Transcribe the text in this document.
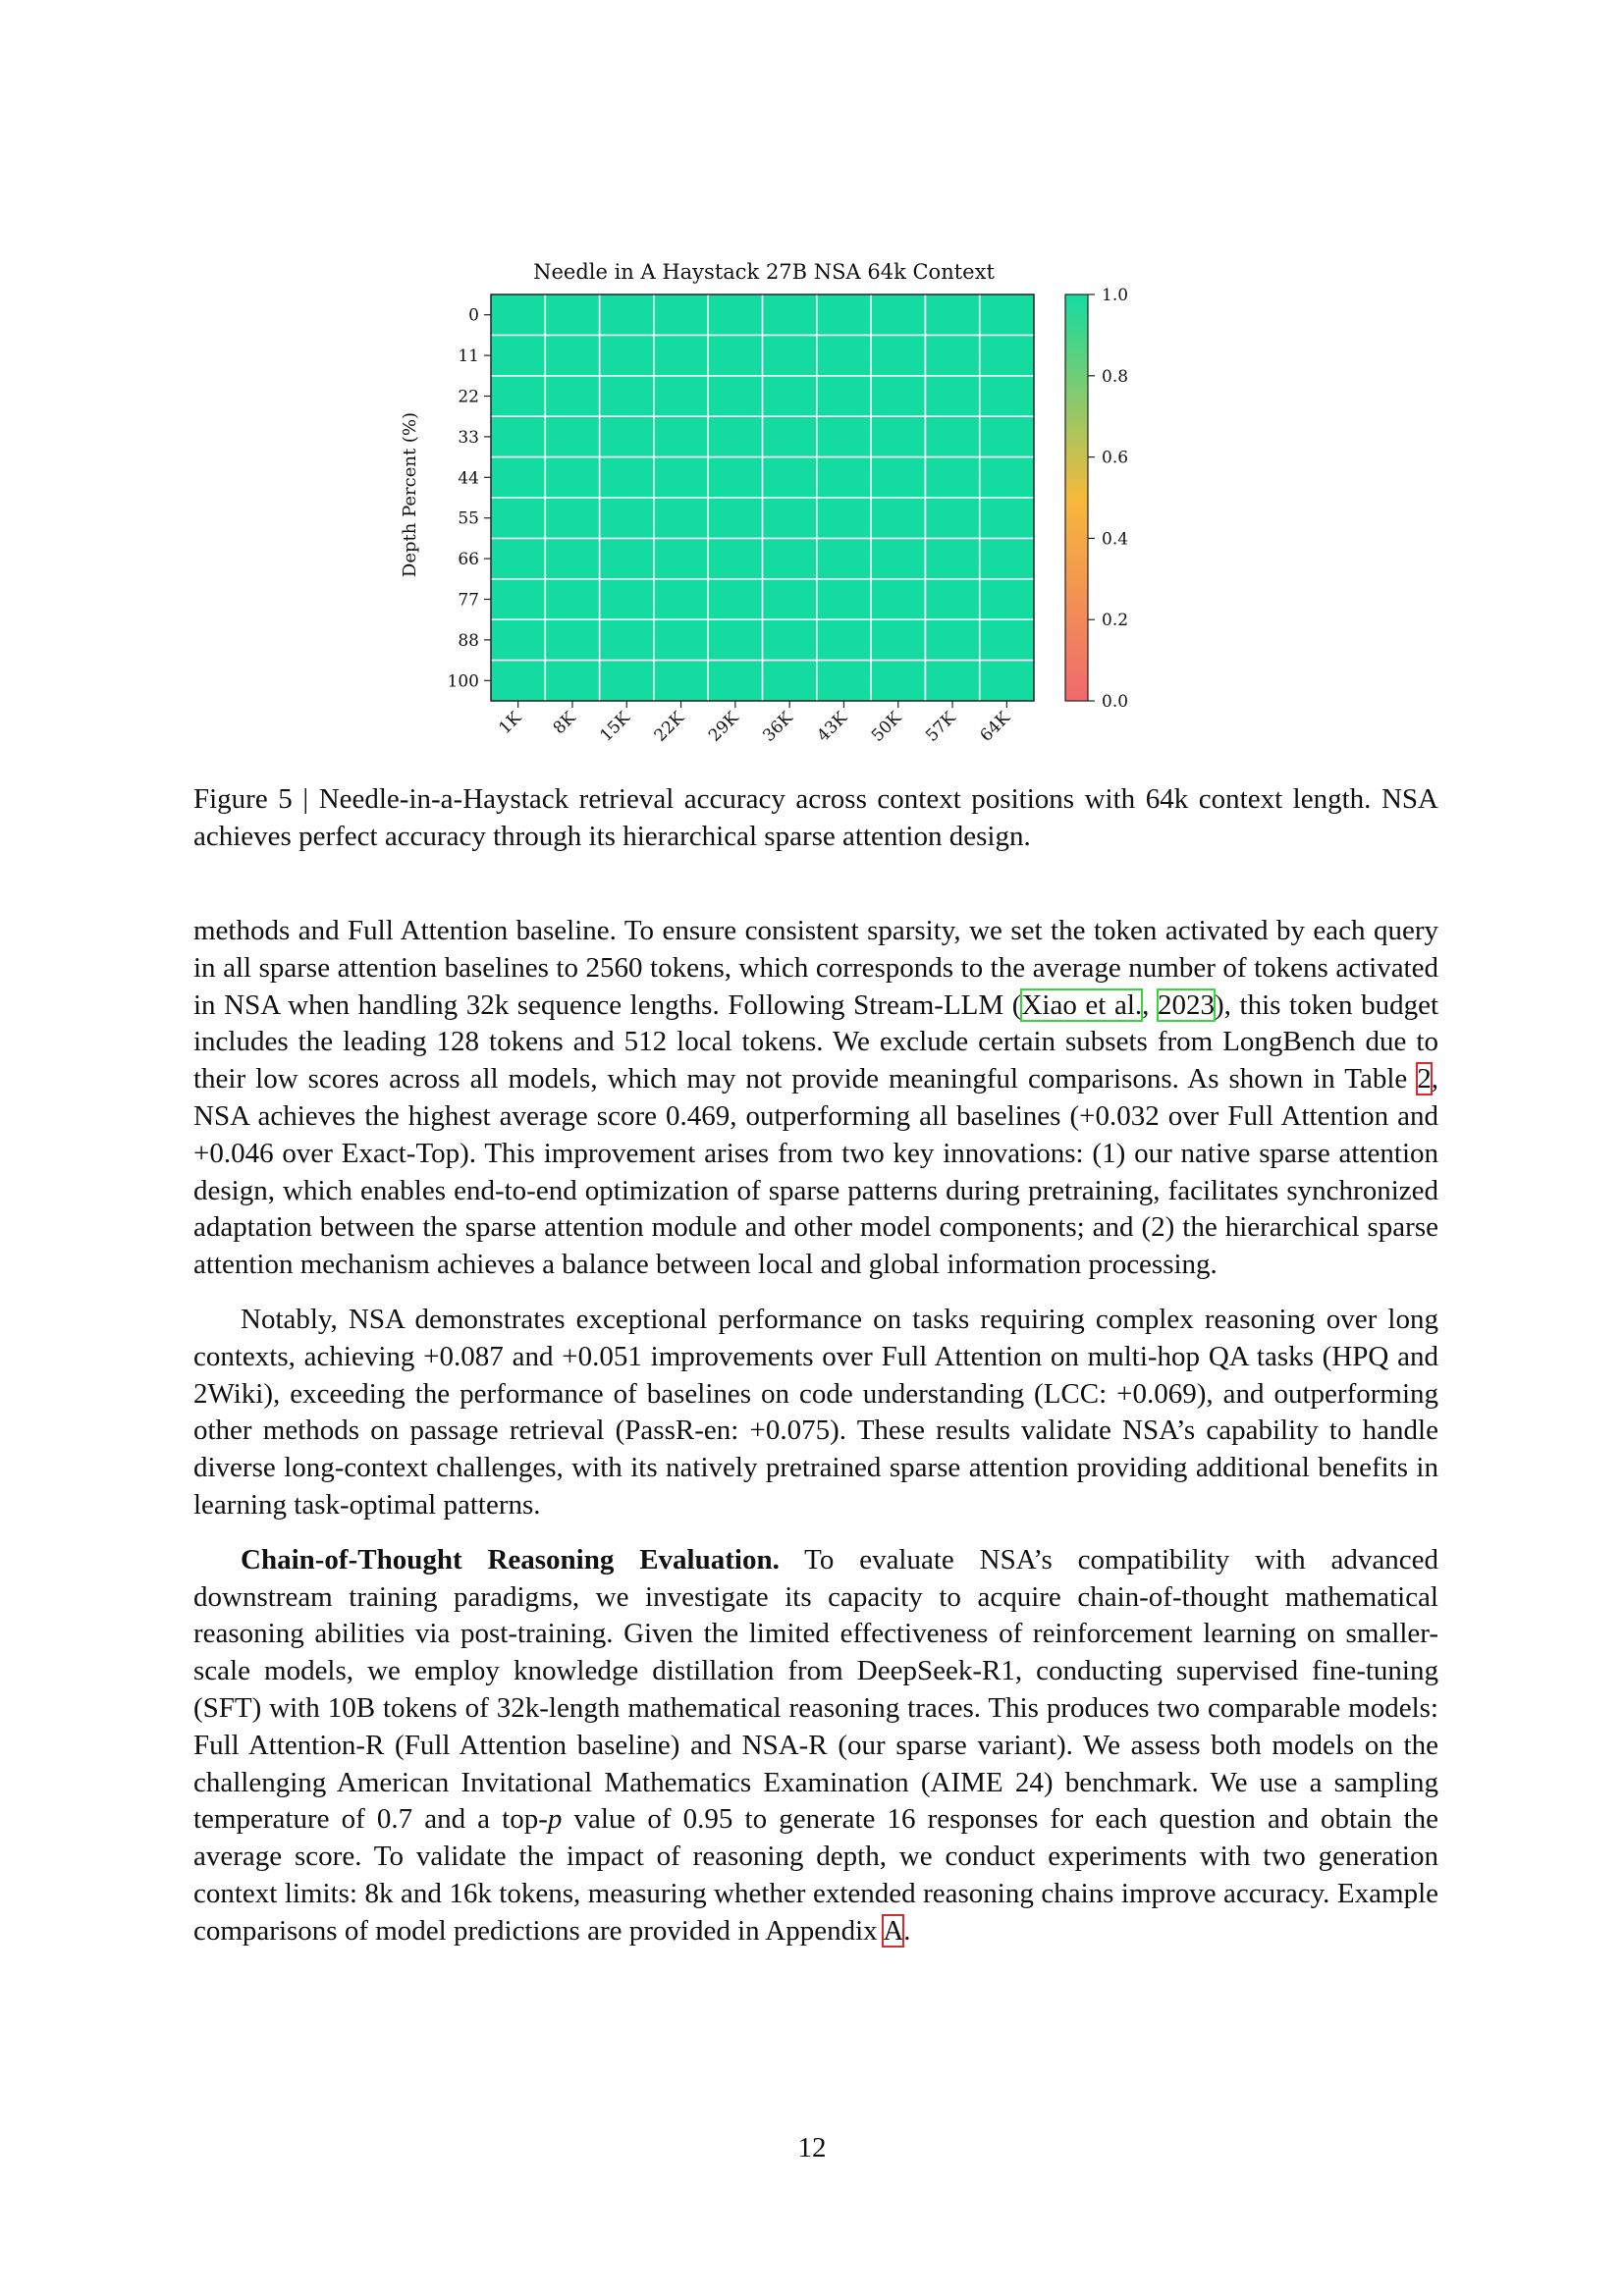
Needle in A Haystack 27B NSA 64k Context
Depth Percent (%)
0
11
22
33
44
55
66
77
88
100
1K 8K 15K 22K 29K 36K 43K 50K 57K 64K
0.0
0.2
0.4
0.6
0.8
1.0

Figure 5 | Needle-in-a-Haystack retrieval accuracy across context positions with 64k context length. NSA achieves perfect accuracy through its hierarchical sparse attention design.

methods and Full Attention baseline. To ensure consistent sparsity, we set the token activated by each query in all sparse attention baselines to 2560 tokens, which corresponds to the average number of tokens activated in NSA when handling 32k sequence lengths. Following Stream-LLM (Xiao et al., 2023), this token budget includes the leading 128 tokens and 512 local tokens. We exclude certain subsets from LongBench due to their low scores across all models, which may not provide meaningful comparisons. As shown in Table 2, NSA achieves the highest average score 0.469, outperforming all baselines (+0.032 over Full Attention and +0.046 over Exact-Top). This improvement arises from two key innovations: (1) our native sparse attention design, which enables end-to-end optimization of sparse patterns during pretraining, facilitates synchronized adaptation between the sparse attention module and other model components; and (2) the hierarchical sparse attention mechanism achieves a balance between local and global information processing.

Notably, NSA demonstrates exceptional performance on tasks requiring complex reasoning over long contexts, achieving +0.087 and +0.051 improvements over Full Attention on multi-hop QA tasks (HPQ and 2Wiki), exceeding the performance of baselines on code understanding (LCC: +0.069), and outperforming other methods on passage retrieval (PassR-en: +0.075). These results validate NSA’s capability to handle diverse long-context challenges, with its natively pretrained sparse attention providing additional benefits in learning task-optimal patterns.

Chain-of-Thought Reasoning Evaluation. To evaluate NSA’s compatibility with advanced downstream training paradigms, we investigate its capacity to acquire chain-of-thought mathematical reasoning abilities via post-training. Given the limited effectiveness of reinforcement learning on smaller-scale models, we employ knowledge distillation from DeepSeek-R1, conducting supervised fine-tuning (SFT) with 10B tokens of 32k-length mathematical reasoning traces. This produces two comparable models: Full Attention-R (Full Attention baseline) and NSA-R (our sparse variant). We assess both models on the challenging American Invitational Mathematics Examination (AIME 24) benchmark. We use a sampling temperature of 0.7 and a top-p value of 0.95 to generate 16 responses for each question and obtain the average score. To validate the impact of reasoning depth, we conduct experiments with two generation context limits: 8k and 16k tokens, measuring whether extended reasoning chains improve accuracy. Example comparisons of model predictions are provided in Appendix A.

12
